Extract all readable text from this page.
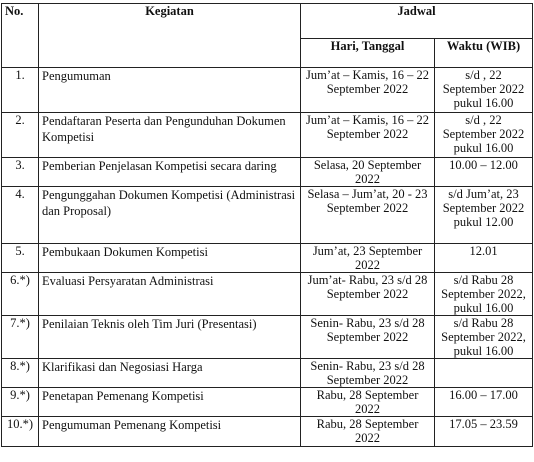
No.	Kegiatan	Jadwal	
		Hari, Tanggal	Waktu (WIB)
1.	Pengumuman	Jum’at – Kamis, 16 – 22 September 2022	s/d , 22 September 2022 pukul 16.00
2.	Pendaftaran Peserta dan Pengunduhan Dokumen Kompetisi	Jum’at – Kamis, 16 – 22 September 2022	s/d , 22 September 2022 pukul 16.00
3.	Pemberian Penjelasan Kompetisi secara daring	Selasa, 20 September 2022	10.00 – 12.00
4.	Pengunggahan Dokumen Kompetisi (Administrasi dan Proposal)	Selasa – Jum’at, 20 - 23 September 2022	s/d Jum’at, 23 September 2022 pukul 12.00
5.	Pembukaan Dokumen Kompetisi	Jum’at, 23 September 2022	12.01
6.*)	Evaluasi Persyaratan Administrasi	Jum’at- Rabu, 23 s/d 28 September 2022	s/d Rabu 28 September 2022, pukul 16.00
7.*)	Penilaian Teknis oleh Tim Juri (Presentasi)	Senin- Rabu, 23 s/d 28 September 2022	s/d Rabu 28 September 2022, pukul 16.00
8.*)	Klarifikasi dan Negosiasi Harga	Senin- Rabu, 23 s/d 28 September 2022	
9.*)	Penetapan Pemenang Kompetisi	Rabu, 28 September 2022	16.00 – 17.00
10.*)	Pengumuman Pemenang Kompetisi	Rabu, 28 September 2022	17.05 – 23.59
